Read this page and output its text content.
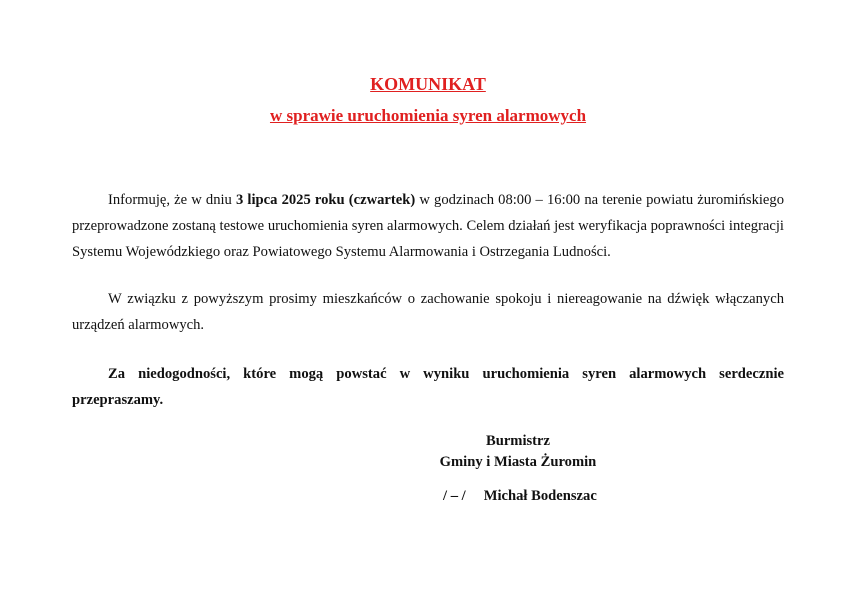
KOMUNIKAT
w sprawie uruchomienia syren alarmowych

Informuję, że w dniu 3 lipca 2025 roku (czwartek) w godzinach 08:00 – 16:00 na terenie powiatu żuromińskiego przeprowadzone zostaną testowe uruchomienia syren alarmowych. Celem działań jest weryfikacja poprawności integracji Systemu Wojewódzkiego oraz Powiatowego Systemu Alarmowania i Ostrzegania Ludności.

W związku z powyższym prosimy mieszkańców o zachowanie spokoju i niereagowanie na dźwięk włączanych urządzeń alarmowych.

Za niedogodności, które mogą powstać w wyniku uruchomienia syren alarmowych serdecznie przepraszamy.

Burmistrz
Gminy i Miasta Żuromin
/ – / Michał Bodenszac
